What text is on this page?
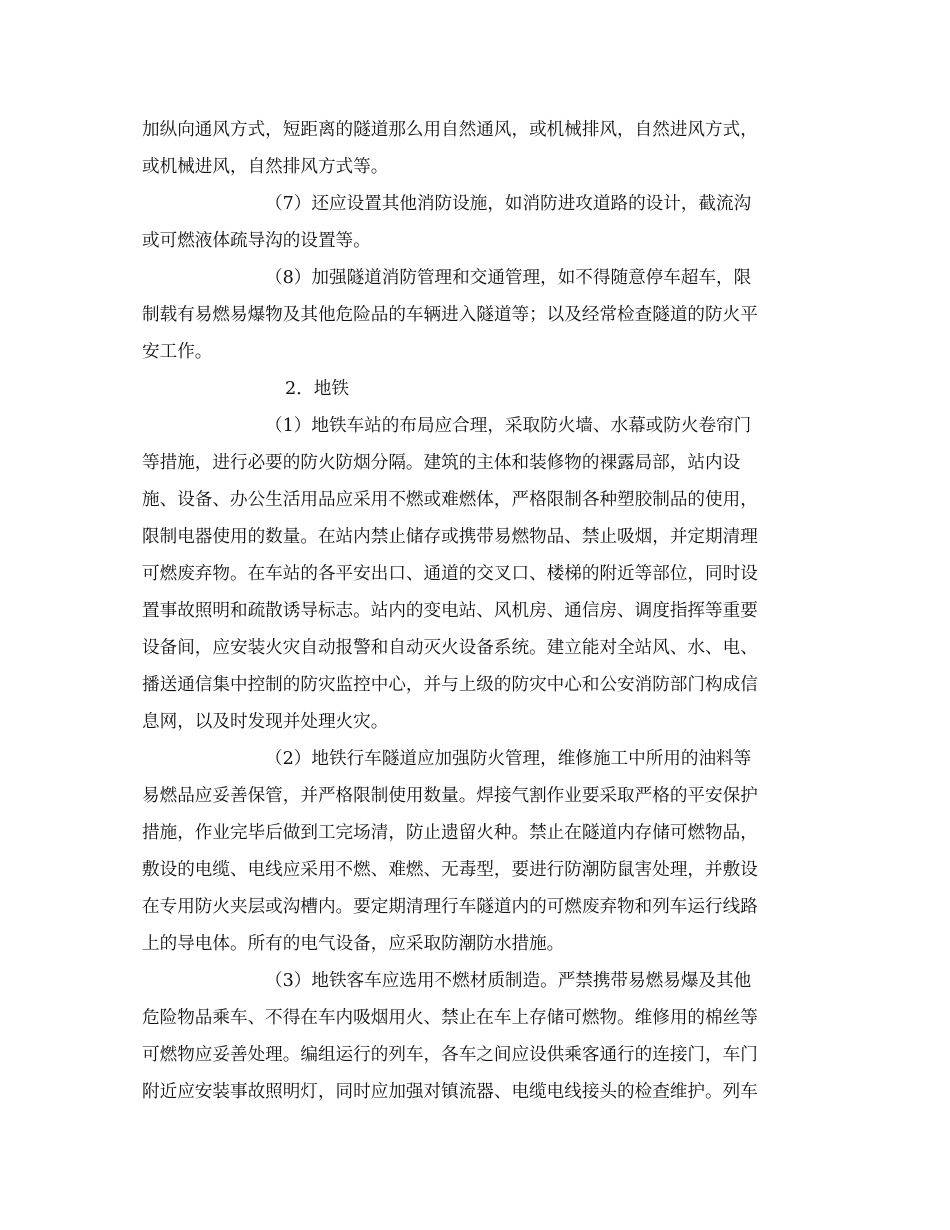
加纵向通风方式，短距离的隧道那么用自然通风，或机械排风，自然进风方式，
或机械进风，自然排风方式等。
（7）还应设置其他消防设施，如消防进攻道路的设计，截流沟
或可燃液体疏导沟的设置等。
（8）加强隧道消防管理和交通管理，如不得随意停车超车，限
制载有易燃易爆物及其他危险品的车辆进入隧道等；以及经常检查隧道的防火平
安工作。
2．地铁
（1）地铁车站的布局应合理，采取防火墙、水幕或防火卷帘门
等措施，进行必要的防火防烟分隔。建筑的主体和装修物的裸露局部，站内设
施、设备、办公生活用品应采用不燃或难燃体，严格限制各种塑胶制品的使用，
限制电器使用的数量。在站内禁止储存或携带易燃物品、禁止吸烟，并定期清理
可燃废弃物。在车站的各平安出口、通道的交叉口、楼梯的附近等部位，同时设
置事故照明和疏散诱导标志。站内的变电站、风机房、通信房、调度指挥等重要
设备间，应安装火灾自动报警和自动灭火设备系统。建立能对全站风、水、电、
播送通信集中控制的防灾监控中心，并与上级的防灾中心和公安消防部门构成信
息网，以及时发现并处理火灾。
（2）地铁行车隧道应加强防火管理，维修施工中所用的油料等
易燃品应妥善保管，并严格限制使用数量。焊接气割作业要采取严格的平安保护
措施，作业完毕后做到工完场清，防止遗留火种。禁止在隧道内存储可燃物品，
敷设的电缆、电线应采用不燃、难燃、无毒型，要进行防潮防鼠害处理，并敷设
在专用防火夹层或沟槽内。要定期清理行车隧道内的可燃废弃物和列车运行线路
上的导电体。所有的电气设备，应采取防潮防水措施。
（3）地铁客车应选用不燃材质制造。严禁携带易燃易爆及其他
危险物品乘车、不得在车内吸烟用火、禁止在车上存储可燃物。维修用的棉丝等
可燃物应妥善处理。编组运行的列车，各车之间应设供乘客通行的连接门，车门
附近应安装事故照明灯，同时应加强对镇流器、电缆电线接头的检查维护。列车
